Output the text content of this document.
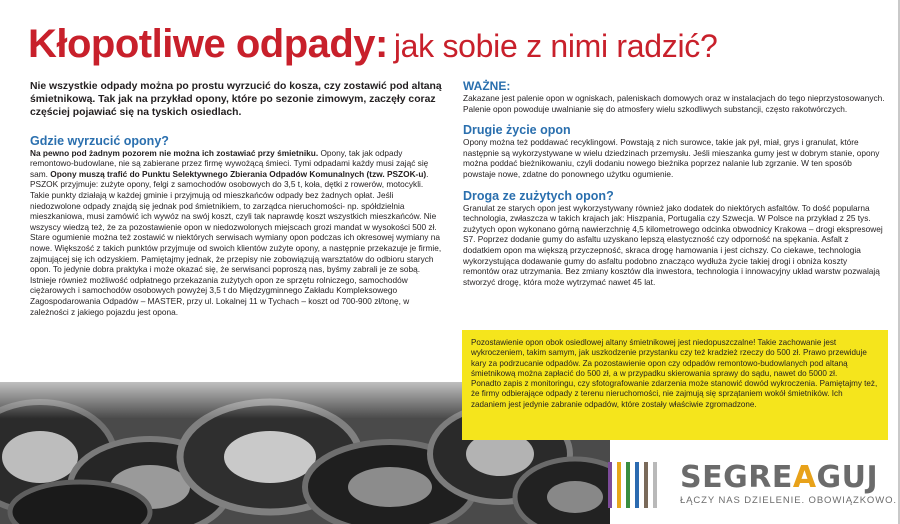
Kłopotliwe odpady: jak sobie z nimi radzić?
Nie wszystkie odpady można po prostu wyrzucić do kosza, czy zostawić pod altaną śmietnikową. Tak jak na przykład opony, które po sezonie zimowym, zaczęły coraz częściej pojawiać się na tyskich osiedlach.
Gdzie wyrzucić opony?

Na pewno pod żadnym pozorem nie można ich zostawiać przy śmietniku. Opony, tak jak odpady remontowo-budowlane, nie są zabierane przez firmę wywożącą śmieci. Tymi odpadami każdy musi zająć się sam. Opony muszą trafić do Punktu Selektywnego Zbierania Odpadów Komunalnych (tzw. PSZOK-u). PSZOK przyjmuje: zużyte opony, felgi z samochodów osobowych do 3,5 t, koła, dętki z rowerów, motocykli.

Takie punkty działają w każdej gminie i przyjmują od mieszkańców odpady bez żadnych opłat. Jeśli niedozwolone odpady znajdą się jednak pod śmietnikiem, to zarządca nieruchomości- np. spółdzielnia mieszkaniowa, musi zamówić ich wywóz na swój koszt, czyli tak naprawdę koszt wszystkich mieszkańców. Nie wszyscy wiedzą też, że za pozostawienie opon w niedozwolonych miejscach grozi mandat w wysokości 500 zł.

Stare ogumienie można też zostawić w niektórych serwisach wymiany opon podczas ich okresowej wymiany na nowe. Większość z takich punktów przyjmuje od swoich klientów zużyte opony, a następnie przekazuje je firmie, zajmującej się ich odzyskiem. Pamiętajmy jednak, że przepisy nie zobowiązują warsztatów do odbioru starych opon. To jedynie dobra praktyka i może okazać się, że serwisanci poproszą nas, byśmy zabrali je ze sobą.

Istnieje również możliwość odpłatnego przekazania zużytych opon ze sprzętu rolniczego, samochodów ciężarowych i samochodów osobowych powyżej 3,5 t do Międzygminnego Zakładu Kompleksowego Zagospodarowania Odpadów – MASTER, przy ul. Lokalnej 11 w Tychach – koszt od 700-900 zł/tonę, w zależności z jakiego pojazdu jest opona.

WAŻNE:

Zakazane jest palenie opon w ogniskach, paleniskach domowych oraz w instalacjach do tego nieprzystosowanych. Palenie opon powoduje uwalnianie się do atmosfery wielu szkodliwych substancji, często rakotwórczych.

Drugie życie opon

Opony można też poddawać recyklingowi. Powstają z nich surowce, takie jak pył, miał, grys i granulat, które następnie są wykorzystywane w wielu dziedzinach przemysłu. Jeśli mieszanka gumy jest w dobrym stanie, opony można poddać bieżnikowaniu, czyli dodaniu nowego bieżnika poprzez nalanie lub zgrzanie. W ten sposób powstaje nowe, zdatne do ponownego użytku ogumienie.

Droga ze zużytych opon?

Granulat ze starych opon jest wykorzystywany również jako dodatek do niektórych asfaltów. To dość popularna technologia, zwłaszcza w takich krajach jak: Hiszpania, Portugalia czy Szwecja. W Polsce na przykład z 25 tys. zużytych opon wykonano górną nawierzchnię 4,5 kilometrowego odcinka obwodnicy Krakowa – drogi ekspresowej S7. Poprzez dodanie gumy do asfaltu uzyskano lepszą elastyczność czy odporność na spękania. Asfalt z dodatkiem opon ma większą przyczepność, skraca drogę hamowania i jest cichszy. Co ciekawe, technologia wykorzystująca dodawanie gumy do asfaltu podobno znacząco wydłuża życie takiej drogi i obniża koszty remontów oraz utrzymania. Bez zmiany kosztów dla inwestora, technologia i innowacyjny układ warstw pozwalają stworzyć drogę, która może wytrzymać nawet 45 lat.

Pozostawienie opon obok osiedlowej altany śmietnikowej jest niedopuszczalne! Takie zachowanie jest wykroczeniem, takim samym, jak uszkodzenie przystanku czy też kradzież rzeczy do 500 zł. Prawo przewiduje kary za podrzucanie odpadów. Za pozostawienie opon czy odpadów remontowo-budowlanych pod altaną śmietnikową można zapłacić do 500 zł, a w przypadku skierowania sprawy do sądu, nawet do 5000 zł.

Ponadto zapis z monitoringu, czy sfotografowanie zdarzenia może stanowić dowód wykroczenia. Pamiętajmy też, że firmy odbierające odpady z terenu nieruchomości, nie zajmują się sprzątaniem wokół śmietników. Ich zadaniem jest jedynie zabranie odpadów, które zostały właściwie zgromadzone.

SEGREAGUJ
ŁĄCZY NAS DZIELENIE. OBOWIĄZKOWO.
